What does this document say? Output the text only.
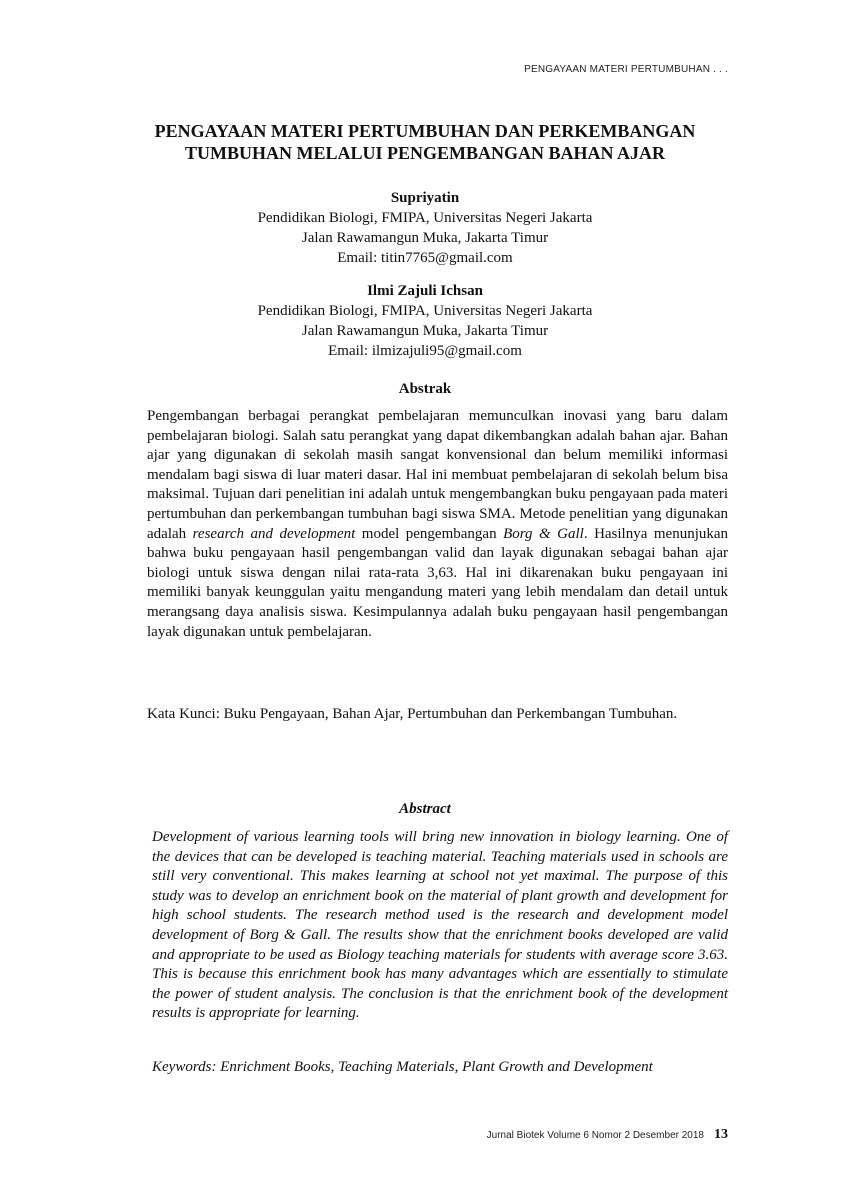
PENGAYAAN MATERI PERTUMBUHAN . . .
PENGAYAAN MATERI PERTUMBUHAN DAN PERKEMBANGAN
TUMBUHAN MELALUI PENGEMBANGAN BAHAN AJAR
Supriyatin
Pendidikan Biologi, FMIPA, Universitas Negeri Jakarta
Jalan Rawamangun Muka, Jakarta Timur
Email: titin7765@gmail.com
Ilmi Zajuli Ichsan
Pendidikan Biologi, FMIPA, Universitas Negeri Jakarta
Jalan Rawamangun Muka, Jakarta Timur
Email: ilmizajuli95@gmail.com
Abstrak
Pengembangan berbagai perangkat pembelajaran memunculkan inovasi yang baru dalam pembelajaran biologi. Salah satu perangkat yang dapat dikembangkan adalah bahan ajar. Bahan ajar yang digunakan di sekolah masih sangat konvensional dan belum memiliki informasi mendalam bagi siswa di luar materi dasar. Hal ini membuat pembelajaran di sekolah belum bisa maksimal. Tujuan dari penelitian ini adalah untuk mengembangkan buku pengayaan pada materi pertumbuhan dan perkembangan tumbuhan bagi siswa SMA. Metode penelitian yang digunakan adalah research and development model pengembangan Borg & Gall. Hasilnya menunjukan bahwa buku pengayaan hasil pengembangan valid dan layak digunakan sebagai bahan ajar biologi untuk siswa dengan nilai rata-rata 3,63. Hal ini dikarenakan buku pengayaan ini memiliki banyak keunggulan yaitu mengandung materi yang lebih mendalam dan detail untuk merangsang daya analisis siswa. Kesimpulannya adalah buku pengayaan hasil pengembangan layak digunakan untuk pembelajaran.
Kata Kunci: Buku Pengayaan, Bahan Ajar, Pertumbuhan dan Perkembangan Tumbuhan.
Abstract
Development of various learning tools will bring new innovation in biology learning. One of the devices that can be developed is teaching material. Teaching materials used in schools are still very conventional. This makes learning at school not yet maximal. The purpose of this study was to develop an enrichment book on the material of plant growth and development for high school students. The research method used is the research and development model development of Borg & Gall. The results show that the enrichment books developed are valid and appropriate to be used as Biology teaching materials for students with average score 3.63. This is because this enrichment book has many advantages which are essentially to stimulate the power of student analysis. The conclusion is that the enrichment book of the development results is appropriate for learning.
Keywords: Enrichment Books, Teaching Materials, Plant Growth and Development
Jurnal Biotek Volume 6 Nomor 2 Desember 2018 13
